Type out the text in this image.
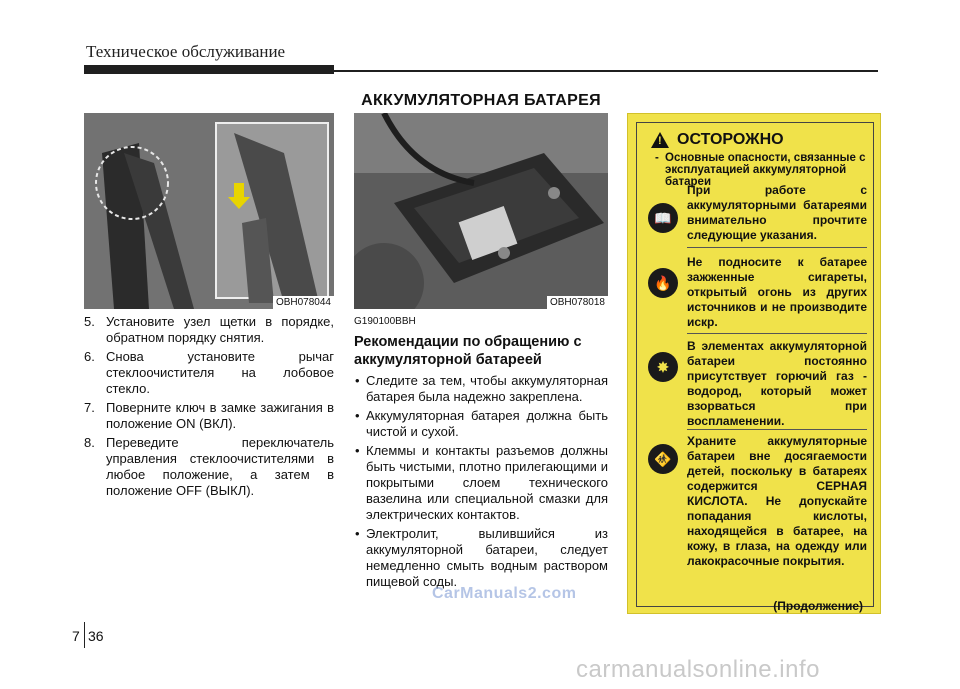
Техническое обслуживание
АККУМУЛЯТОРНАЯ БАТАРЕЯ
OBH078044	OBH078018
5. Установите узел щетки в порядке, обратном порядку снятия.
6. Снова установите рычаг стеклоочистителя на лобовое стекло.
7. Поверните ключ в замке зажигания в положение ON (ВКЛ).
8. Переведите переключатель управления стеклоочистителями в любое положение, а затем в положение OFF (ВЫКЛ).
G190100BBH
Рекомендации по обращению с аккумуляторной батареей
• Следите за тем, чтобы аккумуляторная батарея была надежно закреплена.
• Аккумуляторная батарея должна быть чистой и сухой.
• Клеммы и контакты разъемов должны быть чистыми, плотно прилегающими и покрытыми слоем технического вазелина или специальной смазки для электрических контактов.
• Электролит, вылившийся из аккумуляторной батареи, следует немедленно смыть водным раствором пищевой соды.
CarManuals2.com
!
ОСТОРОЖНО
- Основные опасности, связанные с эксплуатацией аккумуляторной батареи
📖
При работе с аккумуляторными батареями внимательно прочтите следующие указания.
🔥
Не подносите к батарее зажженные сигареты, открытый огонь из других источников и не производите искр.
✸
В элементах аккумуляторной батареи постоянно присутствует горючий газ - водород, который может взорваться при воспламенении.
🚸
Храните аккумуляторные батареи вне досягаемости детей, поскольку в батареях содержится СЕРНАЯ КИСЛОТА. Не допускайте попадания кислоты, находящейся в батарее, на кожу, в глаза, на одежду или лакокрасочные покрытия.
(Продолжение)
7 36
carmanualsonline.info
